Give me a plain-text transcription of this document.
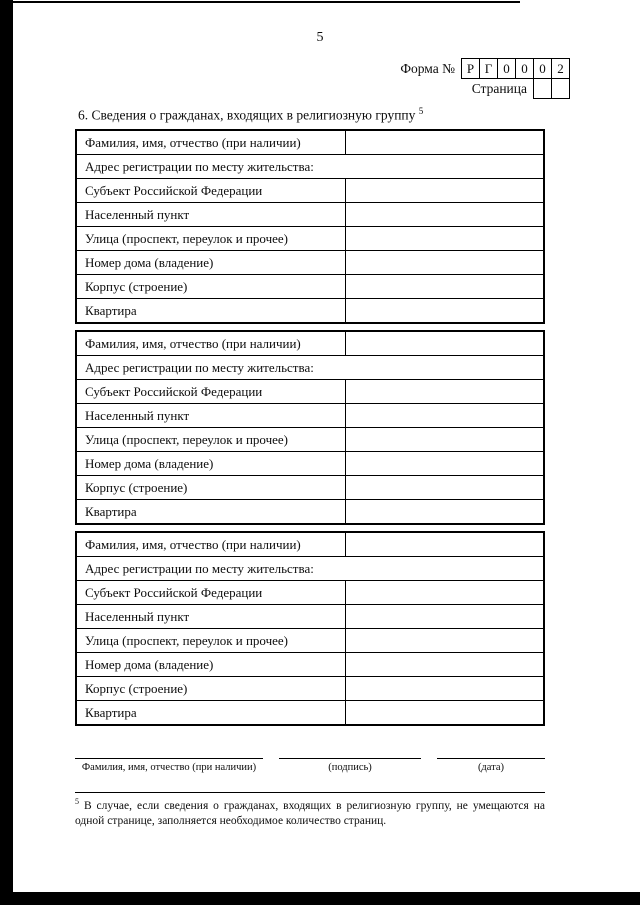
5
Форма № Р Г 0 0 0 2
Страница
6. Сведения о гражданах, входящих в религиозную группу $^5$
Фамилия, имя, отчество (при наличии)	
Адрес регистрации по месту жительства:	
Субъект Российской Федерации	
Населенный пункт	
Улица (проспект, переулок и прочее)	
Номер дома (владение)	
Корпус (строение)	
Квартира	
Фамилия, имя, отчество (при наличии)	
Адрес регистрации по месту жительства:	
Субъект Российской Федерации	
Населенный пункт	
Улица (проспект, переулок и прочее)	
Номер дома (владение)	
Корпус (строение)	
Квартира	
Фамилия, имя, отчество (при наличии)	
Адрес регистрации по месту жительства:	
Субъект Российской Федерации	
Населенный пункт	
Улица (проспект, переулок и прочее)	
Номер дома (владение)	
Корпус (строение)	
Квартира	
Фамилия, имя, отчество (при наличии)	(подпись)	(дата)
$^5$ В случае, если сведения о гражданах, входящих в религиозную группу, не умещаются на одной странице, заполняется необходимое количество страниц.
